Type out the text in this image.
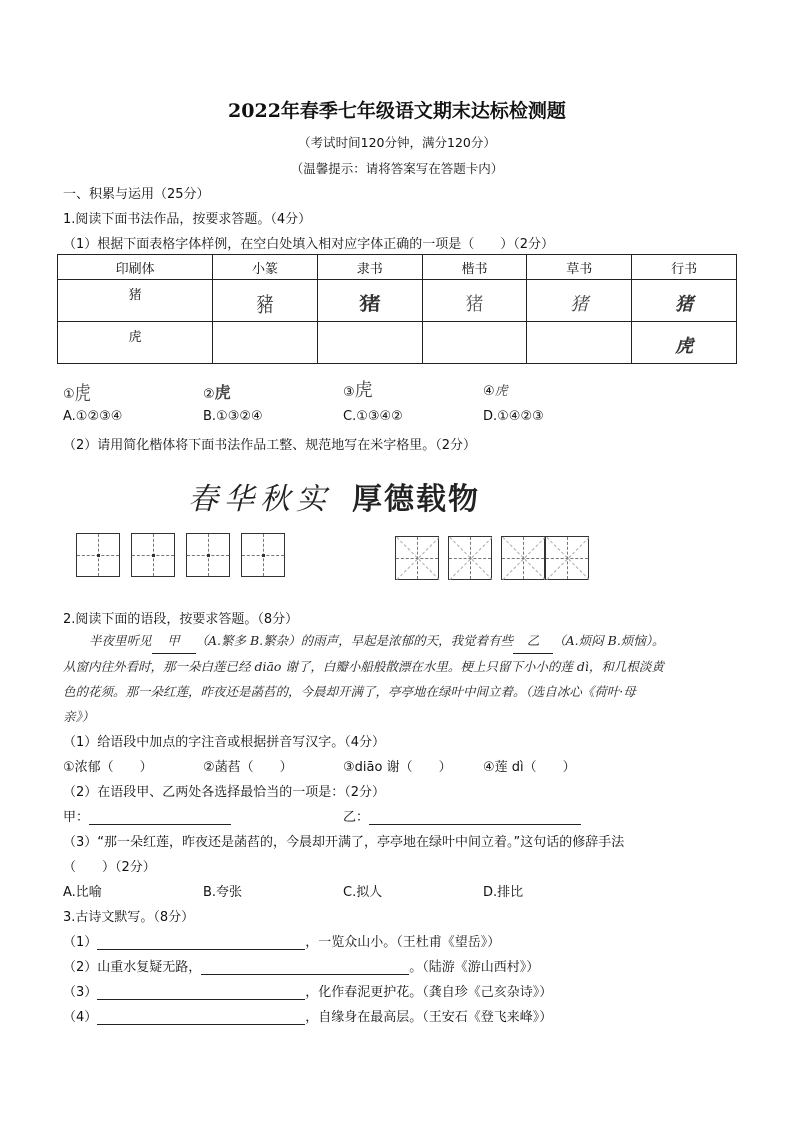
2022年春季七年级语文期末达标检测题
（考试时间120分钟，满分120分）
（温馨提示：请将答案写在答题卡内）
一、积累与运用（25分）
1.阅读下面书法作品，按要求答题。（4分）
（1）根据下面表格字体样例，在空白处填入相对应字体正确的一项是（　　）（2分）
印刷体	小篆	隶书	楷书	草书	行书
猪	豬	猪	猪	猪	猪
虎					虎
①虎	②虎	③虎	④虎
A.①②③④	B.①③②④	C.①③④②	D.①④②③
（2）请用简化楷体将下面书法作品工整、规范地写在米字格里。（2分）
春华秋实 厚德载物
2.阅读下面的语段，按要求答题。（8分）
半夜里听见 甲 （A.繁多 B.繁杂）的雨声，早起是浓郁的天，我觉着有些 乙 （A.烦闷 B.烦恼）。
从窗内往外看时，那一朵白莲已经 diāo 谢了，白瓣小船般散漂在水里。梗上只留下小小的莲 dì，和几根淡黄
色的花须。那一朵红莲，昨夜还是菡萏的，今晨却开满了，亭亭地在绿叶中间立着。（选自冰心《荷叶·母
亲》）
（1）给语段中加点的字注音或根据拼音写汉字。（4分）
①浓郁（　　）	②菡萏（　　）	③diāo 谢（　　） ④莲 dì（　　）
（2）在语段甲、乙两处各选择最恰当的一项是：（2分）
甲：	乙：
（3）“那一朵红莲，昨夜还是菡萏的，今晨却开满了，亭亭地在绿叶中间立着。”这句话的修辞手法
（　　）（2分）
A.比喻	B.夸张	C.拟人	D.排比
3.古诗文默写。（8分）
（1）	，一览众山小。（王杜甫《望岳》）
（2）山重水复疑无路，	。（陆游《游山西村》）
（3）	，化作春泥更护花。（龚自珍《己亥杂诗》）
（4）	，自缘身在最高层。（王安石《登飞来峰》）
